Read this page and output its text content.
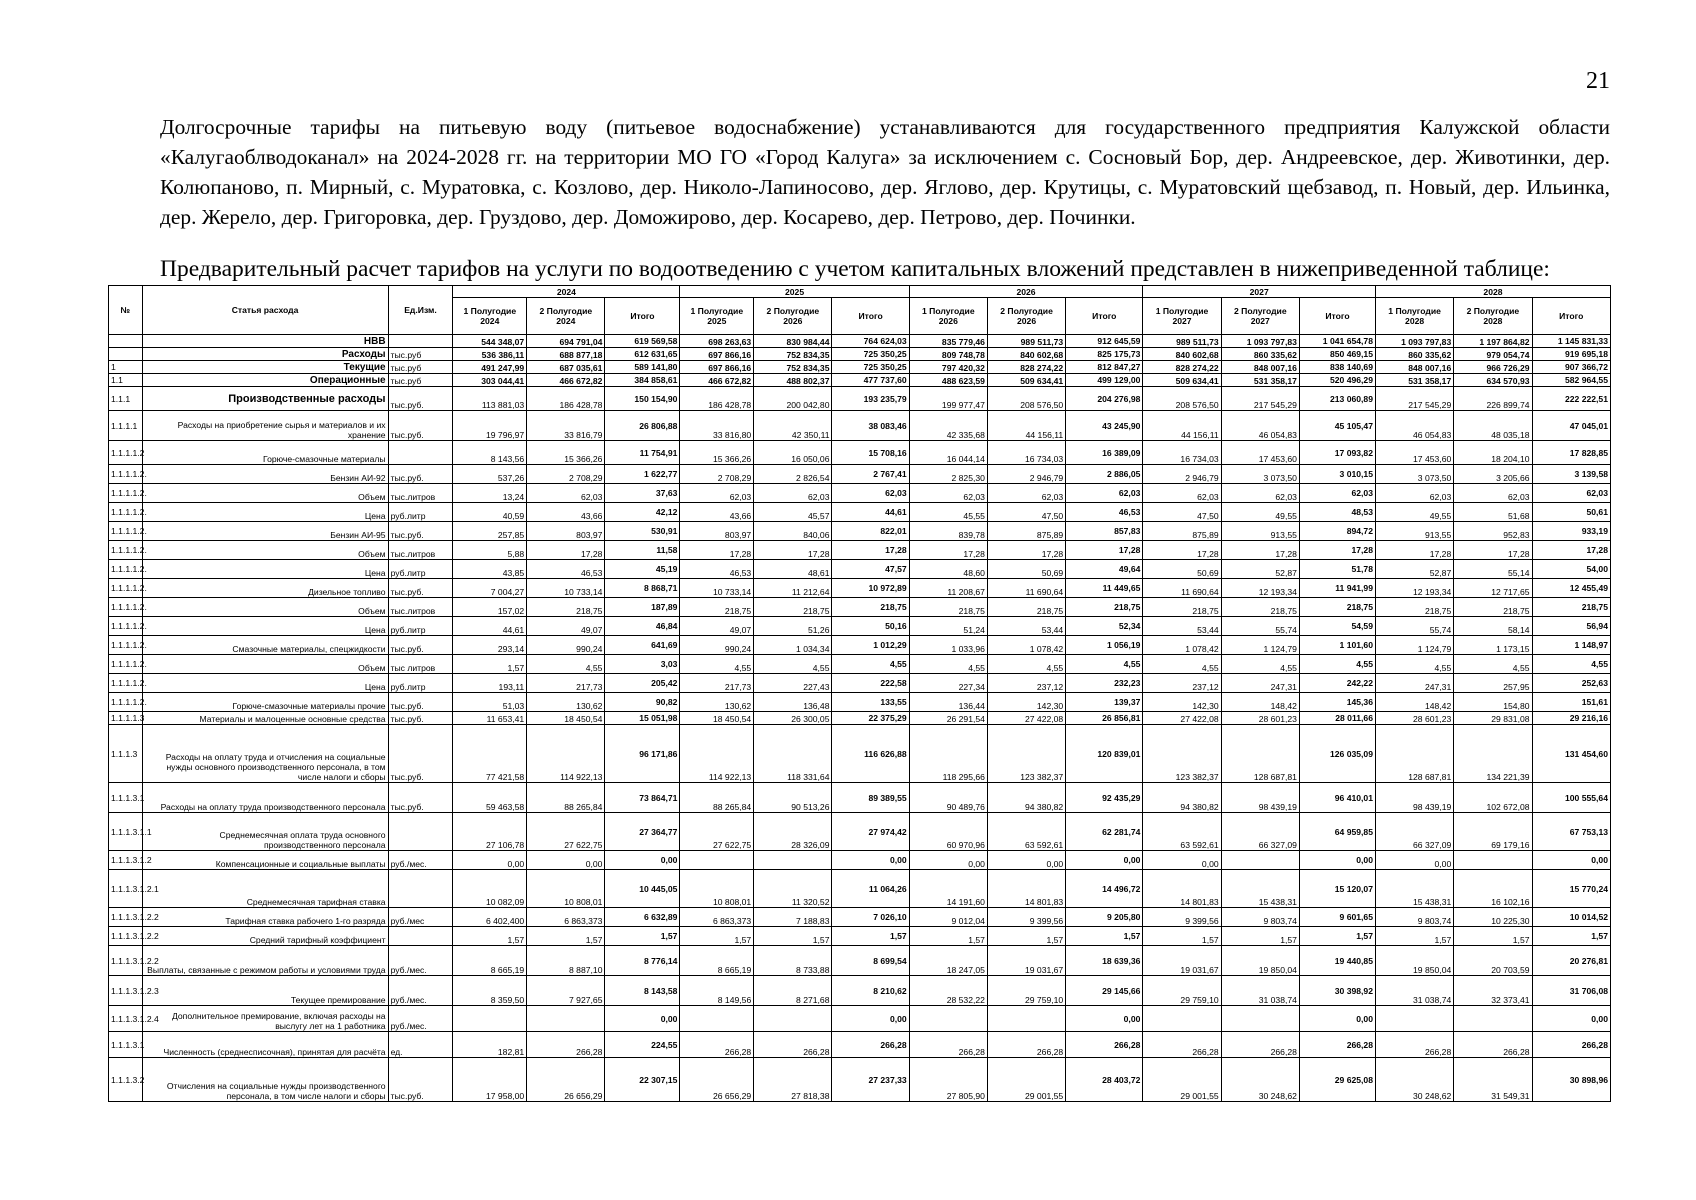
21
Долгосрочные тарифы на питьевую воду (питьевое водоснабжение) устанавливаются для государственного предприятия Калужской области «Калугаоблводоканал» на 2024-2028 гг. на территории МО ГО «Город Калуга» за исключением с. Сосновый Бор, дер. Андреевское, дер. Животинки, дер. Колюпаново, п. Мирный, с. Муратовка, с. Козлово, дер. Николо-Лапиносово, дер. Яглово, дер. Крутицы, с. Муратовский щебзавод, п. Новый, дер. Ильинка, дер. Жерело, дер. Григоровка, дер. Груздово, дер. Доможирово, дер. Косарево, дер. Петрово, дер. Починки.
Предварительный расчет тарифов на услуги по водоотведению с учетом капитальных вложений представлен в нижеприведенной таблице:
№	Статья расхода	Ед.Изм.	2024			2025			2026			2027			2028		
			1 Полугодие 2024	2 Полугодие 2024	Итого	1 Полугодие 2025	2 Полугодие 2026	Итого	1 Полугодие 2026	2 Полугодие 2026	Итого	1 Полугодие 2027	2 Полугодие 2027	Итого	1 Полугодие 2028	2 Полугодие 2028	Итого
	НВВ		544 348,07	694 791,04	619 569,58	698 263,63	830 984,44	764 624,03	835 779,46	989 511,73	912 645,59	989 511,73	1 093 797,83	1 041 654,78	1 093 797,83	1 197 864,82	1 145 831,33
	Расходы	тыс.руб	536 386,11	688 877,18	612 631,65	697 866,16	752 834,35	725 350,25	809 748,78	840 602,68	825 175,73	840 602,68	860 335,62	850 469,15	860 335,62	979 054,74	919 695,18
1	Текущие	тыс.руб	491 247,99	687 035,61	589 141,80	697 866,16	752 834,35	725 350,25	797 420,32	828 274,22	812 847,27	828 274,22	848 007,16	838 140,69	848 007,16	966 726,29	907 366,72
1.1	Операционные	тыс.руб	303 044,41	466 672,82	384 858,61	466 672,82	488 802,37	477 737,60	488 623,59	509 634,41	499 129,00	509 634,41	531 358,17	520 496,29	531 358,17	634 570,93	582 964,55
1.1.1	Производственные расходы	тыс.руб.	113 881,03	186 428,78	150 154,90	186 428,78	200 042,80	193 235,79	199 977,47	208 576,50	204 276,98	208 576,50	217 545,29	213 060,89	217 545,29	226 899,74	222 222,51
1.1.1.1	Расходы на приобретение сырья и материалов и их хранение	тыс.руб.	19 796,97	33 816,79	26 806,88	33 816,80	42 350,11	38 083,46	42 335,68	44 156,11	43 245,90	44 156,11	46 054,83	45 105,47	46 054,83	48 035,18	47 045,01
1.1.1.1.2	Горюче-смазочные материалы		8 143,56	15 366,26	11 754,91	15 366,26	16 050,06	15 708,16	16 044,14	16 734,03	16 389,09	16 734,03	17 453,60	17 093,82	17 453,60	18 204,10	17 828,85
1.1.1.1.2.	Бензин АИ-92	тыс.руб.	537,26	2 708,29	1 622,77	2 708,29	2 826,54	2 767,41	2 825,30	2 946,79	2 886,05	2 946,79	3 073,50	3 010,15	3 073,50	3 205,66	3 139,58
1.1.1.1.2.	Объем	тыс.литров	13,24	62,03	37,63	62,03	62,03	62,03	62,03	62,03	62,03	62,03	62,03	62,03	62,03	62,03	62,03
1.1.1.1.2.	Цена	руб.литр	40,59	43,66	42,12	43,66	45,57	44,61	45,55	47,50	46,53	47,50	49,55	48,53	49,55	51,68	50,61
1.1.1.1.2.	Бензин АИ-95	тыс.руб.	257,85	803,97	530,91	803,97	840,06	822,01	839,78	875,89	857,83	875,89	913,55	894,72	913,55	952,83	933,19
1.1.1.1.2.	Объем	тыс.литров	5,88	17,28	11,58	17,28	17,28	17,28	17,28	17,28	17,28	17,28	17,28	17,28	17,28	17,28	17,28
1.1.1.1.2.	Цена	руб.литр	43,85	46,53	45,19	46,53	48,61	47,57	48,60	50,69	49,64	50,69	52,87	51,78	52,87	55,14	54,00
1.1.1.1.2.	Дизельное топливо	тыс.руб.	7 004,27	10 733,14	8 868,71	10 733,14	11 212,64	10 972,89	11 208,67	11 690,64	11 449,65	11 690,64	12 193,34	11 941,99	12 193,34	12 717,65	12 455,49
1.1.1.1.2.	Объем	тыс.литров	157,02	218,75	187,89	218,75	218,75	218,75	218,75	218,75	218,75	218,75	218,75	218,75	218,75	218,75	218,75
1.1.1.1.2.	Цена	руб.литр	44,61	49,07	46,84	49,07	51,26	50,16	51,24	53,44	52,34	53,44	55,74	54,59	55,74	58,14	56,94
1.1.1.1.2.	Смазочные материалы, спецжидкости	тыс.руб.	293,14	990,24	641,69	990,24	1 034,34	1 012,29	1 033,96	1 078,42	1 056,19	1 078,42	1 124,79	1 101,60	1 124,79	1 173,15	1 148,97
1.1.1.1.2.	Объем	тыс литров	1,57	4,55	3,03	4,55	4,55	4,55	4,55	4,55	4,55	4,55	4,55	4,55	4,55	4,55	4,55
1.1.1.1.2.	Цена	руб.литр	193,11	217,73	205,42	217,73	227,43	222,58	227,34	237,12	232,23	237,12	247,31	242,22	247,31	257,95	252,63
1.1.1.1.2.	Горюче-смазочные материалы прочие	тыс.руб.	51,03	130,62	90,82	130,62	136,48	133,55	136,44	142,30	139,37	142,30	148,42	145,36	148,42	154,80	151,61
1.1.1.1.3	Материалы и малоценные основные средства	тыс.руб.	11 653,41	18 450,54	15 051,98	18 450,54	26 300,05	22 375,29	26 291,54	27 422,08	26 856,81	27 422,08	28 601,23	28 011,66	28 601,23	29 831,08	29 216,16
1.1.1.3	Расходы на оплату труда и отчисления на социальные нужды основного производственного персонала, в том числе налоги и сборы	тыс.руб.	77 421,58	114 922,13	96 171,86	114 922,13	118 331,64	116 626,88	118 295,66	123 382,37	120 839,01	123 382,37	128 687,81	126 035,09	128 687,81	134 221,39	131 454,60
1.1.1.3.1	Расходы на оплату труда производственного персонала	тыс.руб.	59 463,58	88 265,84	73 864,71	88 265,84	90 513,26	89 389,55	90 489,76	94 380,82	92 435,29	94 380,82	98 439,19	96 410,01	98 439,19	102 672,08	100 555,64
1.1.1.3.1.1	Среднемесячная оплата труда основного производственного персонала		27 106,78	27 622,75	27 364,77	27 622,75	28 326,09	27 974,42	60 970,96	63 592,61	62 281,74	63 592,61	66 327,09	64 959,85	66 327,09	69 179,16	67 753,13
1.1.1.3.1.2	Компенсационные и социальные выплаты	руб./мес.	0,00	0,00	0,00			0,00	0,00	0,00	0,00	0,00		0,00	0,00		0,00
1.1.1.3.1.2.1	Среднемесячная тарифная ставка		10 082,09	10 808,01	10 445,05	10 808,01	11 320,52	11 064,26	14 191,60	14 801,83	14 496,72	14 801,83	15 438,31	15 120,07	15 438,31	16 102,16	15 770,24
1.1.1.3.1.2.2	Тарифная ставка рабочего 1-го разряда	руб./мес	6 402,400	6 863,373	6 632,89	6 863,373	7 188,83	7 026,10	9 012,04	9 399,56	9 205,80	9 399,56	9 803,74	9 601,65	9 803,74	10 225,30	10 014,52
1.1.1.3.1.2.2	Средний тарифный коэффициент		1,57	1,57	1,57	1,57	1,57	1,57	1,57	1,57	1,57	1,57	1,57	1,57	1,57	1,57	1,57
1.1.1.3.1.2.2	Выплаты, связанные с режимом работы и условиями труда	руб./мес.	8 665,19	8 887,10	8 776,14	8 665,19	8 733,88	8 699,54	18 247,05	19 031,67	18 639,36	19 031,67	19 850,04	19 440,85	19 850,04	20 703,59	20 276,81
1.1.1.3.1.2.3	Текущее премирование	руб./мес.	8 359,50	7 927,65	8 143,58	8 149,56	8 271,68	8 210,62	28 532,22	29 759,10	29 145,66	29 759,10	31 038,74	30 398,92	31 038,74	32 373,41	31 706,08
1.1.1.3.1.2.4	Дополнительное премирование, включая расходы на выслугу лет на 1 работника	руб./мес.			0,00			0,00			0,00			0,00			0,00
1.1.1.3.1	Численность (среднесписочная), принятая для расчёта	ед.	182,81	266,28	224,55	266,28	266,28	266,28	266,28	266,28	266,28	266,28	266,28	266,28	266,28	266,28	266,28
1.1.1.3.2	Отчисления на социальные нужды производственного персонала, в том числе налоги и сборы	тыс.руб.	17 958,00	26 656,29	22 307,15	26 656,29	27 818,38	27 237,33	27 805,90	29 001,55	28 403,72	29 001,55	30 248,62	29 625,08	30 248,62	31 549,31	30 898,96
